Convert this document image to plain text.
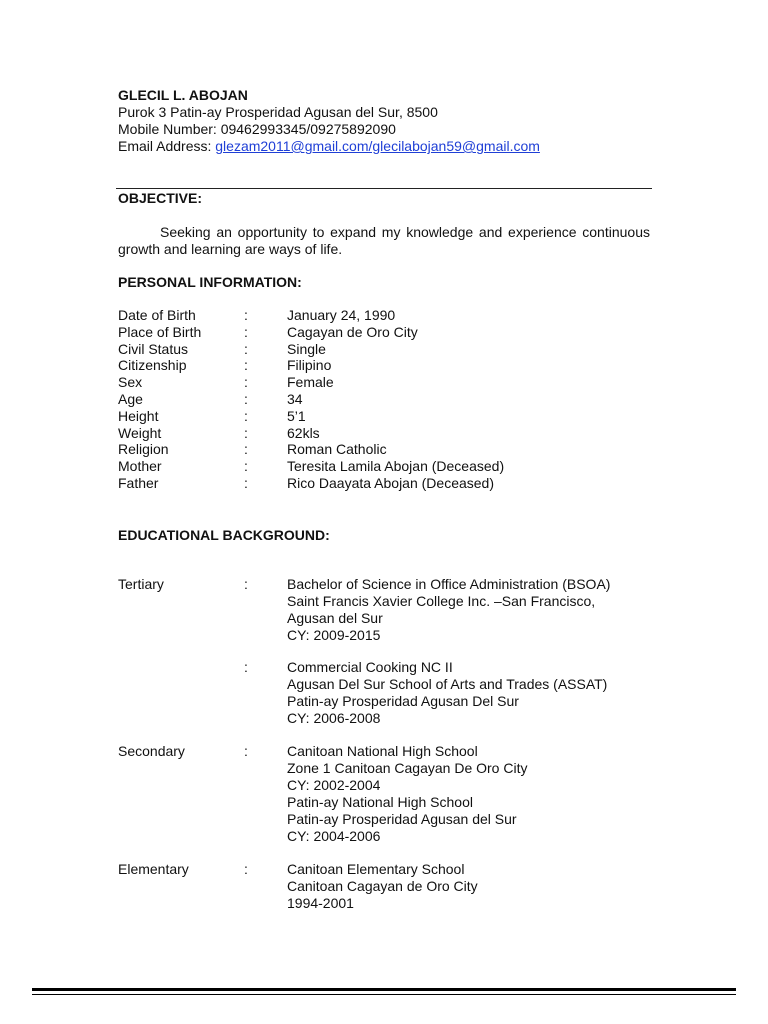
GLECIL L. ABOJAN
Purok 3 Patin-ay Prosperidad Agusan del Sur, 8500
Mobile Number: 09462993345/09275892090
Email Address: glezam2011@gmail.com/glecilabojan59@gmail.com
OBJECTIVE:
Seeking an opportunity to expand my knowledge and experience continuous growth and learning are ways of life.
PERSONAL INFORMATION:
Date of Birth	:	January 24, 1990
Place of Birth	:	Cagayan de Oro City
Civil Status	:	Single
Citizenship	:	Filipino
Sex	:	Female
Age	:	34
Height	:	5’1
Weight	:	62kls
Religion	:	Roman Catholic
Mother	:	Teresita Lamila Abojan (Deceased)
Father	:	Rico Daayata Abojan (Deceased)
EDUCATIONAL BACKGROUND:
Tertiary	:	Bachelor of Science in Office Administration (BSOA)
Saint Francis Xavier College Inc. –San Francisco,
Agusan del Sur
CY: 2009-2015
:	Commercial Cooking NC II
Agusan Del Sur School of Arts and Trades (ASSAT)
Patin-ay Prosperidad Agusan Del Sur
CY: 2006-2008
Secondary	:	Canitoan National High School
Zone 1 Canitoan Cagayan De Oro City
CY: 2002-2004
Patin-ay National High School
Patin-ay Prosperidad Agusan del Sur
CY: 2004-2006
Elementary	:	Canitoan Elementary School
Canitoan Cagayan de Oro City
1994-2001
